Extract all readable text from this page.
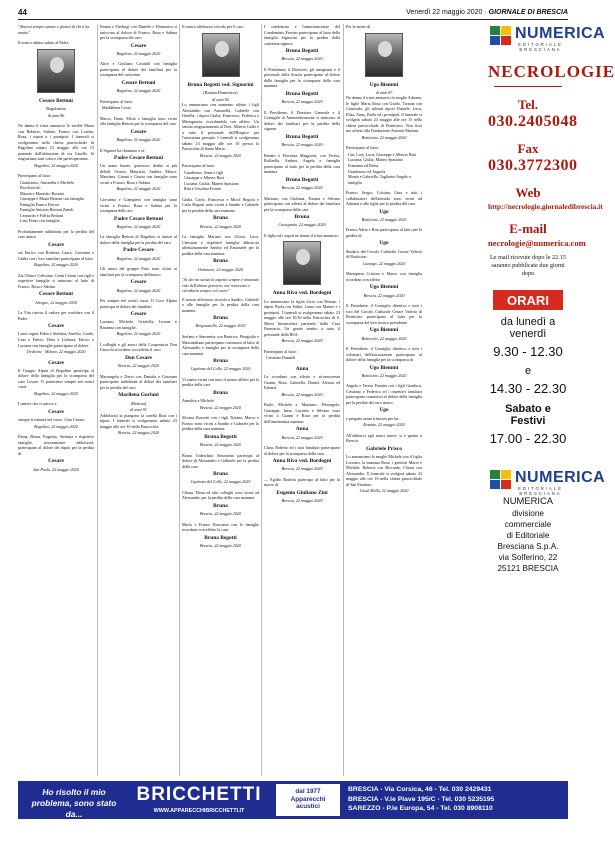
44	Venerdì 22 maggio 2020 · GIORNALE DI BRESCIA
"Amerai sempre amato e gioirai di chi ti ha amato"
Il nostro ultimo saluto al Padre
Cesare Bettoni
Bagolinista
di anni 86
Ne danno il triste annuncio le sorelle Maria con Roberto, Sabina, Franco con Loretta, Rosa, i nipoti e i pronipoti. I funerali si svolgeranno nella chiesa parrocchiale di Bagolino sabato 23 maggio alle ore 15 partendo dall'abitazione di via Caselle. Si ringraziano tutti coloro che parteciperanno.
Bagolino, 22 maggio 2020
Partecipano al lutto:
Gianfranco, Antonella e Michele Bocchiocchi
Marzia e Maurizio Rossini
Giuseppe e Maria Bettoni con famiglia
Famiglia Franco Ferrari
Famiglia Antonio Bettoni Zanoli
Leonardo e Fulvia Bettoni
Lino Fenzi con famiglia
Profondamente addolorati per la perdita del caro amico
Cesare
sia Enrico con Roberta, Laura, Giovanni e Giulia con i loro familiari partecipano al lutto.
Bagolino, 22 maggio 2020
Zia Olina e Celestino, Gemi Cotoni con figli e rispettive famiglie si uniscono al lutto di Franco, Rosa e Sabina.
Cesare Bettoni
Artogne, 22 maggio 2020
La Vita ritrova il cadore per sorridere con il Padre.
Cesare
I suoi cugini Fabio e Stefania, Aurelio, Guido, Lino e Fulvio, Dina e Lisbona, Enrico e Luciana con famiglie partecipano al dolore.
Tredicine · Milano, 22 maggio 2020
Cesare
Il Gruppo Alpini di Bagolino partecipa al dolore della famiglia per la scomparsa del caro Cesare. Ti porteremo sempre nei nostri cuori.
Bagolino, 22 maggio 2020
L'amore che ci unisce a
Cesare
sempre ti rimarrà nel cuore. Ciao Cesare.
Bagolino, 22 maggio 2020
Elena, Bruna, Eugenio, Stefania e rispettive famiglie, sinceramente addolorati, partecipano al dolore dei nipoti per la perdita di
Cesare
San Paolo, 22 maggio 2020
Emma e Pierluigi con Daniele e Domenico si uniscono al dolore di Franco, Rosa e Sabina per la scomparsa del caro
Cesare
Bagolino, 22 maggio 2020
Alice e Giuliano Castaldi con famiglia partecipano al dolore dei familiari per la scomparsa del carissimo
Cesare Bettoni
Bagolino, 22 maggio 2020
Partecipano al lutto:
Maddalena Costa
Marco, Dario, Elisio e famiglia sono vicini alla famiglia Bettoni per la scomparsa del caro
Cesare
Bagolino, 22 maggio 2020
Il Signore ha chiamato a sé
Padre Cesare Bettoni
Un uomo buono, generoso, dedito ai più deboli. Orazio, Maurizio, Andrea, Marco, Massimo, Gianni e Grazia con famiglie sono vicini a Franco, Rosa e Sabina.
Bagolino, 22 maggio 2020
Giovanna e Giampiero con famiglia sono vicini a Franco, Rosa e Sabina per la scomparsa dello zio
Padre Cesare Bettoni
Bagolino, 22 maggio 2020
La famiglia Bettoni di Bagolino si unisce al dolore della famiglia per la perdita del caro
Padre Cesare
Bagolino, 22 maggio 2020
Gli amici del gruppo Fritz sono vicini ai familiari per la scomparsa dell'amico
Cesare
Bagolino, 22 maggio 2020
Per sempre nei nostri cuori. Il Coro Alpino partecipa al dolore dei familiari.
Cesare
Luciano, Michela, Graziella, Ivonne e Rosanna con famiglie.
Bagolino, 22 maggio 2020
I colleghi e gli amici della Cooperativa Don Gnocchi ricordano con affetto il caro
Don Cesare
Brescia, 22 maggio 2020
Mariangela e Dario con Daniela e Graziano partecipano addolorati al dolore dei familiari per la perdita del caro
Marilena Gorlani
(Bettoni)
di anni 91
Addolorati la piangono la sorella Rina con i nipoti. I funerali si svolgeranno sabato 23 maggio alle ore 10 nella Parrocchia.
Brescia, 22 maggio 2020
Il nostro affettuoso ricordo per il caro
Bruna Begotti ved. Signorini
(Baiana Domestica)
di anni 92
Lo annunciano con immenso affetto i figli Alessandro con Antonella, Gabriele con Ornella, i nipoti Giulia, Francesco, Federica e Mariagrazia, ricordandola con affetto. Un sentito ringraziamento al Dott. Alberto Gallo e a tutto il personale dell'Hospice per l'assistenza prestata. I funerali si svolgeranno sabato 23 maggio alle ore 10 presso la Parrocchia di Santa Maria.
Brescia, 22 maggio 2020
Partecipano al lutto:
Gaudenzio, Anna e figli
Giuseppe e Alberto Busi
Luciana, Giulia, Matteo Spasiano
Rita e Orsolina Frosini
Giulia, Carlo, Francesca e Micol Begotti e Carla Begotti sono vicini a Sandro e Gabriele per la perdita della cara mamma
Bruna
Brescia, 22 maggio 2020
La famiglia Mariani con Gloria, Luca, Christian e rispettive famiglie abbraccia affettuosamente Sandro ed Emanuele per la perdita della cara mamma
Bruna
Orzinuovi, 22 maggio 2020
"Se dei me stesso la aspetto sempre e rimanuto vale dell'ultimo pensiero, noi resteremo a ricordarla sempre col cuore"
Il nostro affettuoso ricordo a Sandro, Gabriele e alle famiglie per la perdita della cara mamma.
Bruna
Borgosatollo, 22 maggio 2020
Stefano e Simonetta con Beatrice, Piergiulio e Massimiliano partecipano commossi al lutto di Alessandro e famiglia per la scomparsa della cara mamma
Bruna
Capitano del Colle, 22 maggio 2020
Vi siamo vicini con tutto il nostro affetto per la perdita della cara
Bruna
Annalisa e Michele.
Brescia, 22 maggio 2020
Silvana Rossetti con i figli Tiziana, Marco e Franco sono vicini a Sandro e Gabriele per la perdita della cara mamma
Bruna Begotti
Brescia, 22 maggio 2020
Bruna Todeschini Simonetta partecipa al dolore di Alessandro e Gabriele per la perdita della cara
Bruna
Capitano del Colle, 22 maggio 2020
Chiara, Elena ed altri colleghi sono vicini ad Alessandro per la perdita della cara mamma
Bruna
Brescia, 22 maggio 2020
Mario e Franco Boscarini con le famiglie ricordano con affetto la cara
Bruna Begotti
Brescia, 22 maggio 2020
I condomini e l'amministratore del Condominio Fiorino partecipano al lutto della famiglia Signorini per la perdita della carissima signora
Bruna Begotti
Brescia, 22 maggio 2020
Il Presidente, il Direttore, gli insegnanti e il personale della Scuola partecipano al dolore della famiglia per la scomparsa della cara mamma
Bruna Begotti
Brescia, 22 maggio 2020
Il Presidente, il Direttore Generale e il Consiglio di Amministrazione si uniscono al dolore dei familiari per la perdita della signora
Bruna Begotti
Brescia, 22 maggio 2020
Renato e Fiorenza Maggiotti, con Teresa, Raffaella, Andrea, Angela e famiglia partecipano al lutto per la perdita della cara mamma
Bruna Begotti
Brescia, 22 maggio 2020
Mariano, con Giuliana, Tiziana e Silvano partecipano con affetto al dolore dei familiari per la scomparsa della cara
Bruna
Castegnato, 22 maggio 2020
Il figlio ed i nipoti ne danno il triste annuncio.
Anna Riva ved. Bordogni
Lo annunciano la figlia Licia con Renato, i nipoti Paola con Fabio, Laura con Matteo e i pronipoti. I funerali si svolgeranno sabato 23 maggio alle ore 10.30 nella Parrocchia di S. Maria Immacolata partendo dalla Casa Funeraria. Un grazie sentito a tutto il personale della RSA.
Brescia, 22 maggio 2020
Partecipano al lutto:
Cristiano Damioli
Anna
La ricordano con affetto e riconoscenza Gianni, Rosa, Gabriella, Daniel, Alessia ed Eduard.
Brescia, 22 maggio 2020
Paolo, Michela e Massimo, Pierangelo, Giuseppe, Irma, Luciano e Silvano sono vicini a Gianni e Rosa per la perdita dell'amatissima mamma
Anna
Brescia, 22 maggio 2020
Clara, Roberto ed i suoi familiari partecipano al dolore per la scomparsa della cara
Anna Riva ved. Bordogni
Brescia, 22 maggio 2020
— Egidio Bonfini partecipa al lutto per la morte di
Eugenio Giuliano Zini
Brescia, 22 maggio 2020
Per la morte di
Ugo Biemmi
di anni 87
Ne danno il triste annuncio la moglie Adriana, le figlie Maria Rosa con Guido, Tiziana con Giancarlo, gli adorati nipoti Daniele, Luca, Elisa, Anna, Paola ed i pronipoti. Il funerale si svolgerà sabato 23 maggio alle ore 15 nella chiesa parrocchiale di Bottticino. Non fiori ma offerte alla Fondazione Antonio Mariani.
Bottticino, 22 maggio 2020
Partecipano al lutto:
Gin, Lory, Luca, Giuseppe e Alberto Busi
Luciana, Giulia, Matteo Spasiano
Ermanno ed Elena
Gianfranco ed Angiola
Monia e Gabriella, Tagliarini Angelo e famiglia
Franco, Sergio, Cristina, Gino e tutti i collaboratori dell'azienda sono vicini ad Adriana e alle figlie per la perdita del caro
Ugo
Bottticino, 22 maggio 2020
Franco Adria e Rita partecipano al lutto per la perdita di
Ugo
Sindaco del Circolo Culturale Cesare Valerio di Bottticino.
Cazzago, 22 maggio 2020
Mariapiera Cristina e Marco con famiglia ricordano con affetto
Ugo Biemmi
Brescia, 22 maggio 2020
Il Presidente, il Consiglio direttivo e tutti i soci del Circolo Culturale Cesare Valerio di Bottticino partecipano al lutto per la scomparsa del loro storico presidente
Ugo Biemmi
Bottticino, 22 maggio 2020
Il Presidente, il Consiglio direttivo e tutti i volontari dell'associazione partecipano al dolore della famiglia per la scomparsa di
Ugo Biemmi
Bottticino, 22 maggio 2020
Angelo e Teresa Putattia con i figli Gianluca, Cristiano e Federica ed i rispettivi familiari partecipano commossi al dolore della famiglia per la perdita del caro amico
Ugo
e pregano senza tristezza per lui.
Rezzato, 22 maggio 2020
All'abbracci agli amici nuovi: si è spento a Brescia
Gabriele Prisco
Lo annunciano la moglie Michela con il figlio Lorenzo, la mamma Rosa, i genitori Mario e Michele, Roberta con Riccardo, Chiara con Alessandro. Il funerale si svolgerà sabato 23 maggio alle ore 16 nella chiesa parrocchiale di San Faustino.
Casal Mella, 22 maggio 2020
NUMERICA
EDITORIALE BRESCIANA
NECROLOGIE
Tel.
030.2405048
Fax
030.3772300
Web
http://necrologie.giornaledibrescia.it
E-mail
necrologie@numerica.com
Le mail ricevute dopo le 22.15 saranno pubblicate due giorni dopo
ORARI
da lunedì a venerdì
9.30 - 12.30
e
14.30 - 22.30
Sabato e Festivi
17.00 - 22.30
NUMERICA
EDITORIALE BRESCIANA
NUMERICA
divisione commerciale
di Editoriale Bresciana S.p.A.
via Solferino, 22
25121 BRESCIA
Ho risolto il mio problema, sono stato da...
BRICCHETTI
WWW.APPARECCHIBRICCHETTI.IT
dal 1977
Apparecchi
acustici
BRESCIA - Via Corsica, 46 - Tel. 030 2429431
BRESCIA - V.le Piave 195/C - Tel. 030 5235195
SAREZZO - P.le Europa, 54 - Tel. 030 8908110
